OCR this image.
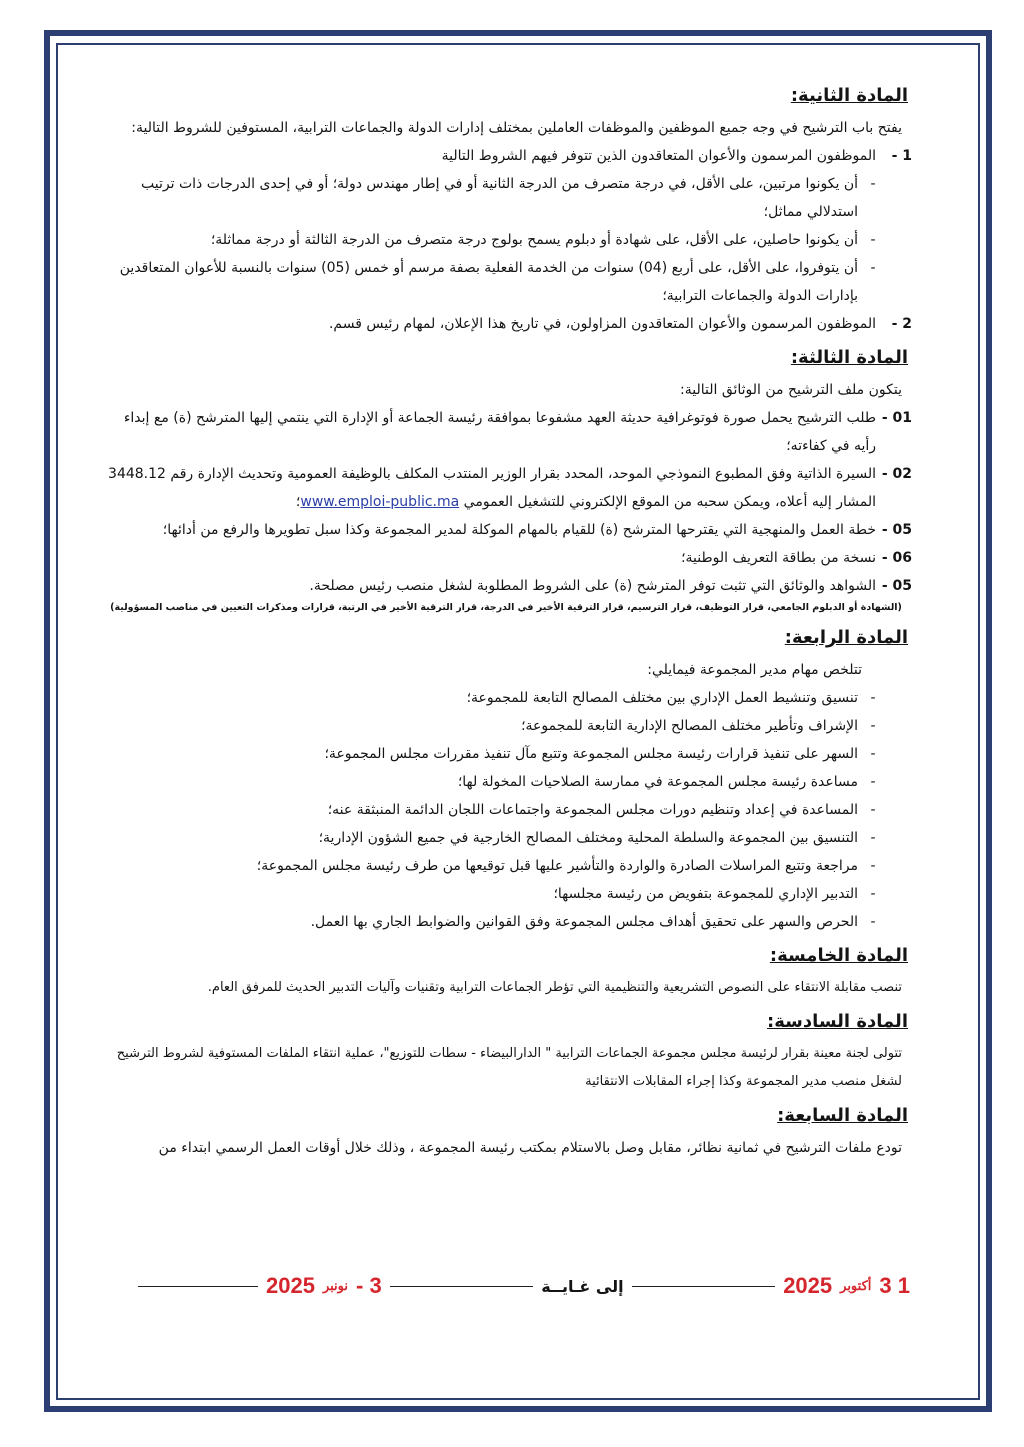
المادة الثانية:
يفتح باب الترشيح في وجه جميع الموظفين والموظفات العاملين بمختلف إدارات الدولة والجماعات الترابية، المستوفين للشروط التالية:
1 -
الموظفون المرسمون والأعوان المتعاقدون الذين تتوفر فيهم الشروط التالية
-
أن يكونوا مرتبين، على الأقل، في درجة متصرف من الدرجة الثانية أو في إطار مهندس دولة؛ أو في إحدى الدرجات ذات ترتيب استدلالي مماثل؛
-
أن يكونوا حاصلين، على الأقل، على شهادة أو دبلوم يسمح بولوج درجة متصرف من الدرجة الثالثة أو درجة مماثلة؛
-
أن يتوفروا، على الأقل، على أربع (04) سنوات من الخدمة الفعلية بصفة مرسم أو خمس (05) سنوات بالنسبة للأعوان المتعاقدين بإدارات الدولة والجماعات الترابية؛
2 -
الموظفون المرسمون والأعوان المتعاقدون المزاولون، في تاريخ هذا الإعلان، لمهام رئيس قسم.
المادة الثالثة:
يتكون ملف الترشيح من الوثائق التالية:
01 -
طلب الترشيح يحمل صورة فوتوغرافية حديثة العهد مشفوعا بموافقة رئيسة الجماعة أو الإدارة التي ينتمي إليها المترشح (ة) مع إبداء رأيه في كفاءته؛
02 -
السيرة الذاتية وفق المطبوع النموذجي الموحد، المحدد بقرار الوزير المنتدب المكلف بالوظيفة العمومية وتحديث الإدارة رقم 3448.12 المشار إليه أعلاه، ويمكن سحبه من الموقع الإلكتروني للتشغيل العمومي www.emploi-public.ma؛
05 -
خطة العمل والمنهجية التي يقترحها المترشح (ة) للقيام بالمهام الموكلة لمدير المجموعة وكذا سبل تطويرها والرفع من أدائها؛
06 -
نسخة من بطاقة التعريف الوطنية؛
05 -
الشواهد والوثائق التي تثبت توفر المترشح (ة) على الشروط المطلوبة لشغل منصب رئيس مصلحة.
(الشهادة أو الدبلوم الجامعي، قرار التوظيف، قرار الترسيم، قرار الترقية الأخير في الدرجة، قرار الترقية الأخير في الرتبة، قرارات ومذكرات التعيين في مناصب المسؤولية)
المادة الرابعة:
تتلخص مهام مدير المجموعة فيمايلي:
-
تنسيق وتنشيط العمل الإداري بين مختلف المصالح التابعة للمجموعة؛
-
الإشراف وتأطير مختلف المصالح الإدارية التابعة للمجموعة؛
-
السهر على تنفيذ قرارات رئيسة مجلس المجموعة وتتبع مآل تنفيذ مقررات مجلس المجموعة؛
-
مساعدة رئيسة مجلس المجموعة في ممارسة الصلاحيات المخولة لها؛
-
المساعدة في إعداد وتنظيم دورات مجلس المجموعة واجتماعات اللجان الدائمة المنبثقة عنه؛
-
التنسيق بين المجموعة والسلطة المحلية ومختلف المصالح الخارجية في جميع الشؤون الإدارية؛
-
مراجعة وتتبع المراسلات الصادرة والواردة والتأشير عليها قبل توقيعها من طرف رئيسة مجلس المجموعة؛
-
التدبير الإداري للمجموعة بتفويض من رئيسة مجلسها؛
-
الحرص والسهر على تحقيق أهداف مجلس المجموعة وفق القوانين والضوابط الجاري بها العمل.
المادة الخامسة:
تنصب مقابلة الانتقاء على النصوص التشريعية والتنظيمية التي تؤطر الجماعات الترابية وتقنيات وآليات التدبير الحديث للمرفق العام.
المادة السادسة:
تتولى لجنة معينة بقرار لرئيسة مجلس مجموعة الجماعات الترابية " الدارالبيضاء - سطات للتوزيع"، عملية انتقاء الملفات المستوفية لشروط الترشيح لشغل منصب مدير المجموعة وكذا إجراء المقابلات الانتقائية
المادة السابعة:
تودع ملفات الترشيح في ثمانية نظائر، مقابل وصل بالاستلام بمكتب رئيسة المجموعة ، وذلك خلال أوقات العمل الرسمي ابتداء من
1 3
أكتوبر
2025
إلى غـايــة
3 -
نونبر
2025
